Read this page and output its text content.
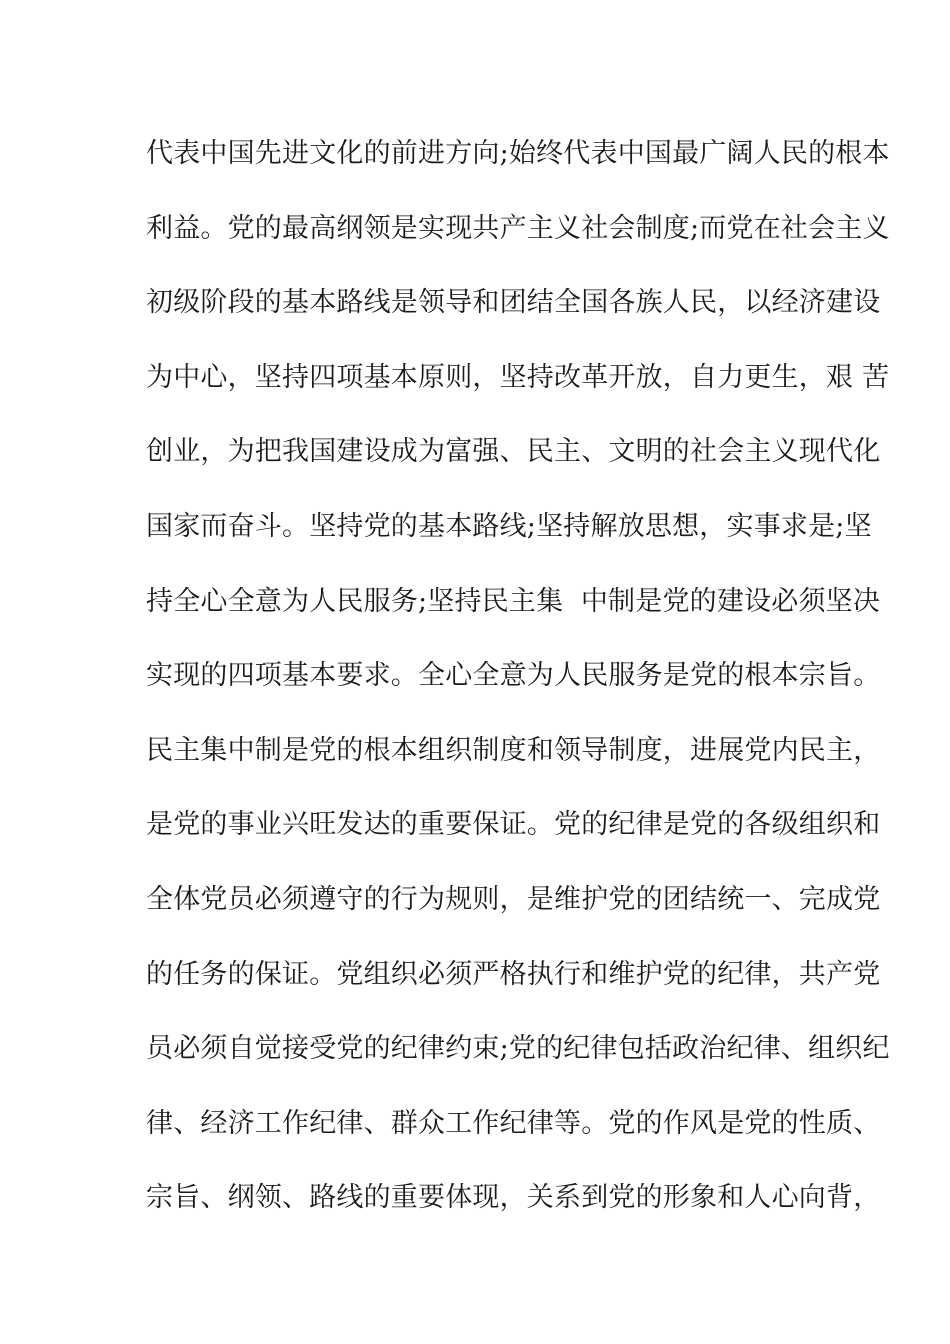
代表中国先进文化的前进方向;始终代表中国最广阔人民的根本
利益。党的最高纲领是实现共产主义社会制度;而党在社会主义
初级阶段的基本路线是领导和团结全国各族人民，以经济建设
为中心，坚持四项基本原则，坚持改革开放，自力更生，艰 苦
创业，为把我国建设成为富强、民主、文明的社会主义现代化
国家而奋斗。坚持党的基本路线;坚持解放思想，实事求是;坚
持全心全意为人民服务;坚持民主集  中制是党的建设必须坚决
实现的四项基本要求。全心全意为人民服务是党的根本宗旨。
民主集中制是党的根本组织制度和领导制度，进展党内民主，
是党的事业兴旺发达的重要保证。党的纪律是党的各级组织和
全体党员必须遵守的行为规则，是维护党的团结统一、完成党
的任务的保证。党组织必须严格执行和维护党的纪律，共产党
员必须自觉接受党的纪律约束;党的纪律包括政治纪律、组织纪
律、经济工作纪律、群众工作纪律等。党的作风是党的性质、
宗旨、纲领、路线的重要体现，关系到党的形象和人心向背，
